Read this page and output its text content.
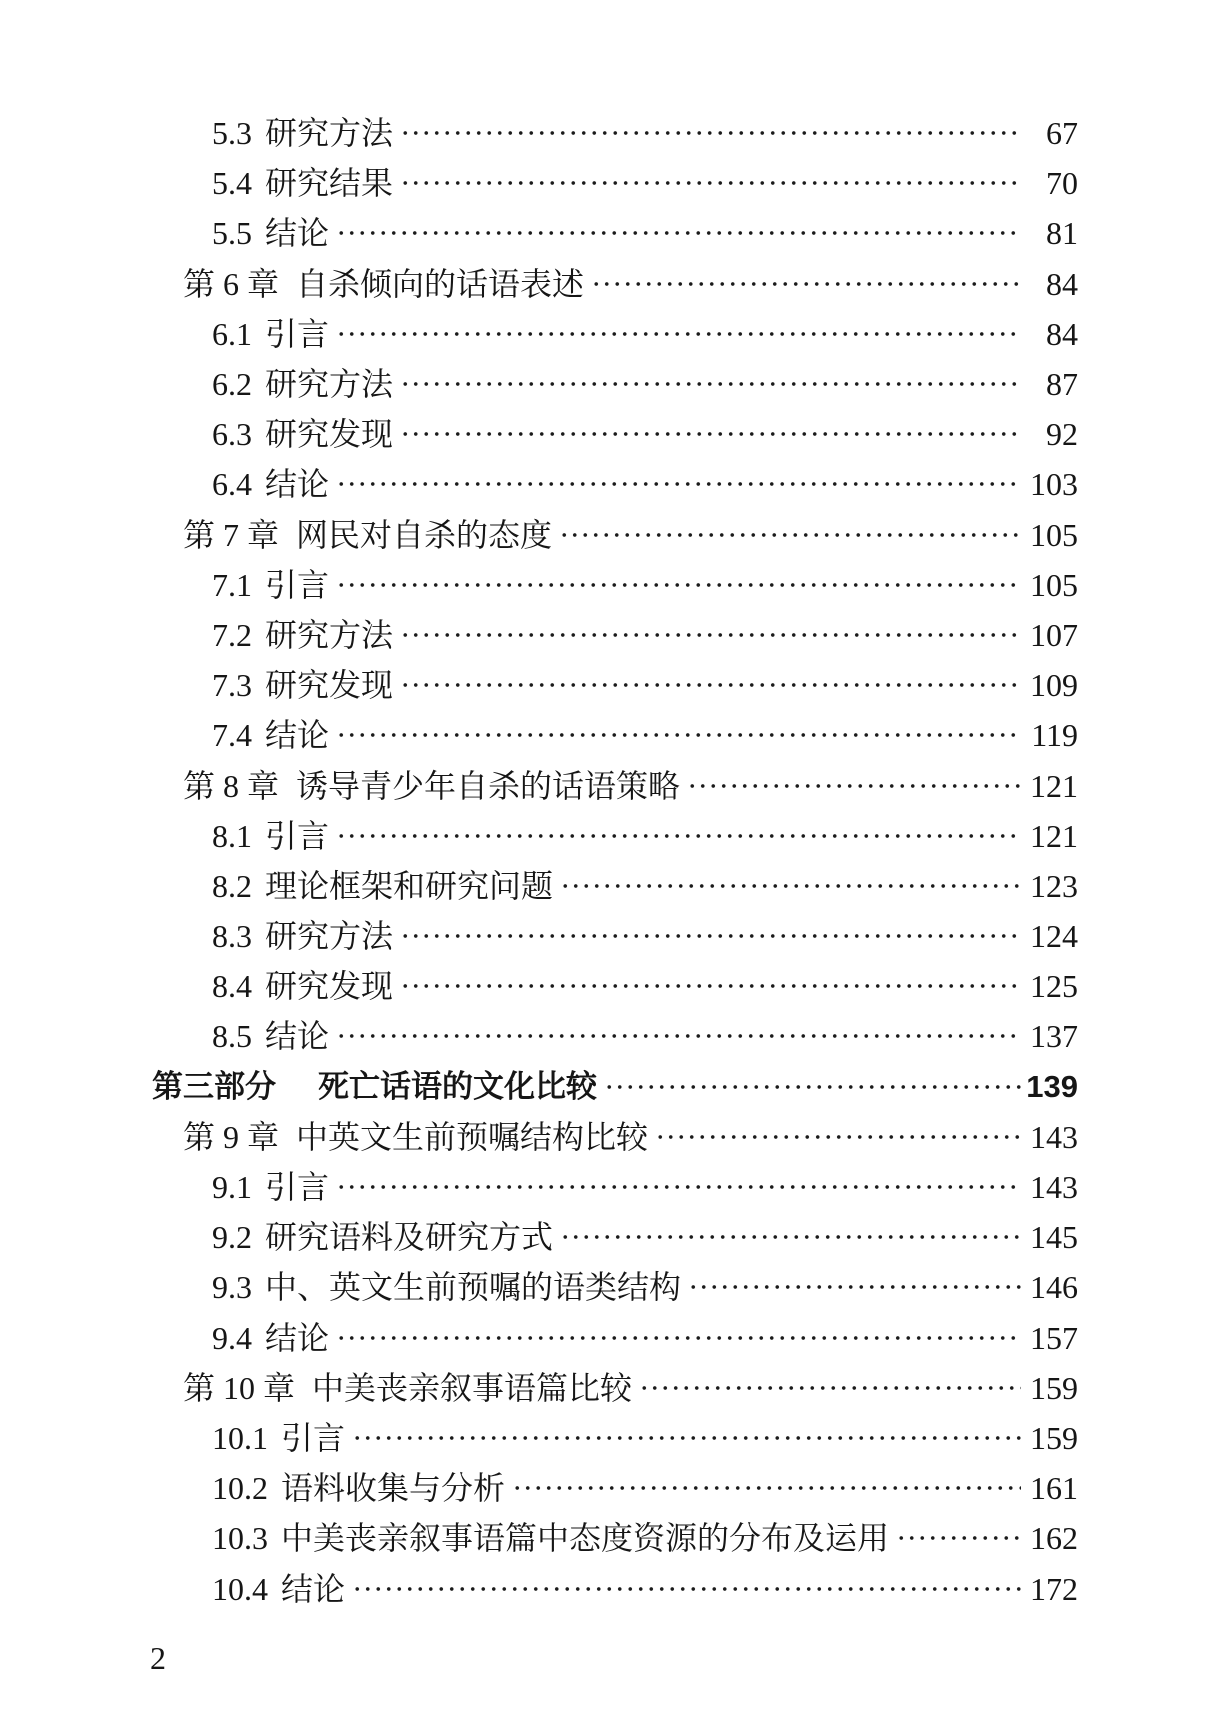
5.3 研究方法	67
5.4 研究结果	70
5.5 结论	81
第 6 章 自杀倾向的话语表述	84
6.1 引言	84
6.2 研究方法	87
6.3 研究发现	92
6.4 结论	103
第 7 章 网民对自杀的态度	105
7.1 引言	105
7.2 研究方法	107
7.3 研究发现	109
7.4 结论	119
第 8 章 诱导青少年自杀的话语策略	121
8.1 引言	121
8.2 理论框架和研究问题	123
8.3 研究方法	124
8.4 研究发现	125
8.5 结论	137
第三部分 死亡话语的文化比较	139
第 9 章 中英文生前预嘱结构比较	143
9.1 引言	143
9.2 研究语料及研究方式	145
9.3 中、英文生前预嘱的语类结构	146
9.4 结论	157
第 10 章 中美丧亲叙事语篇比较	159
10.1 引言	159
10.2 语料收集与分析	161
10.3 中美丧亲叙事语篇中态度资源的分布及运用	162
10.4 结论	172
2
